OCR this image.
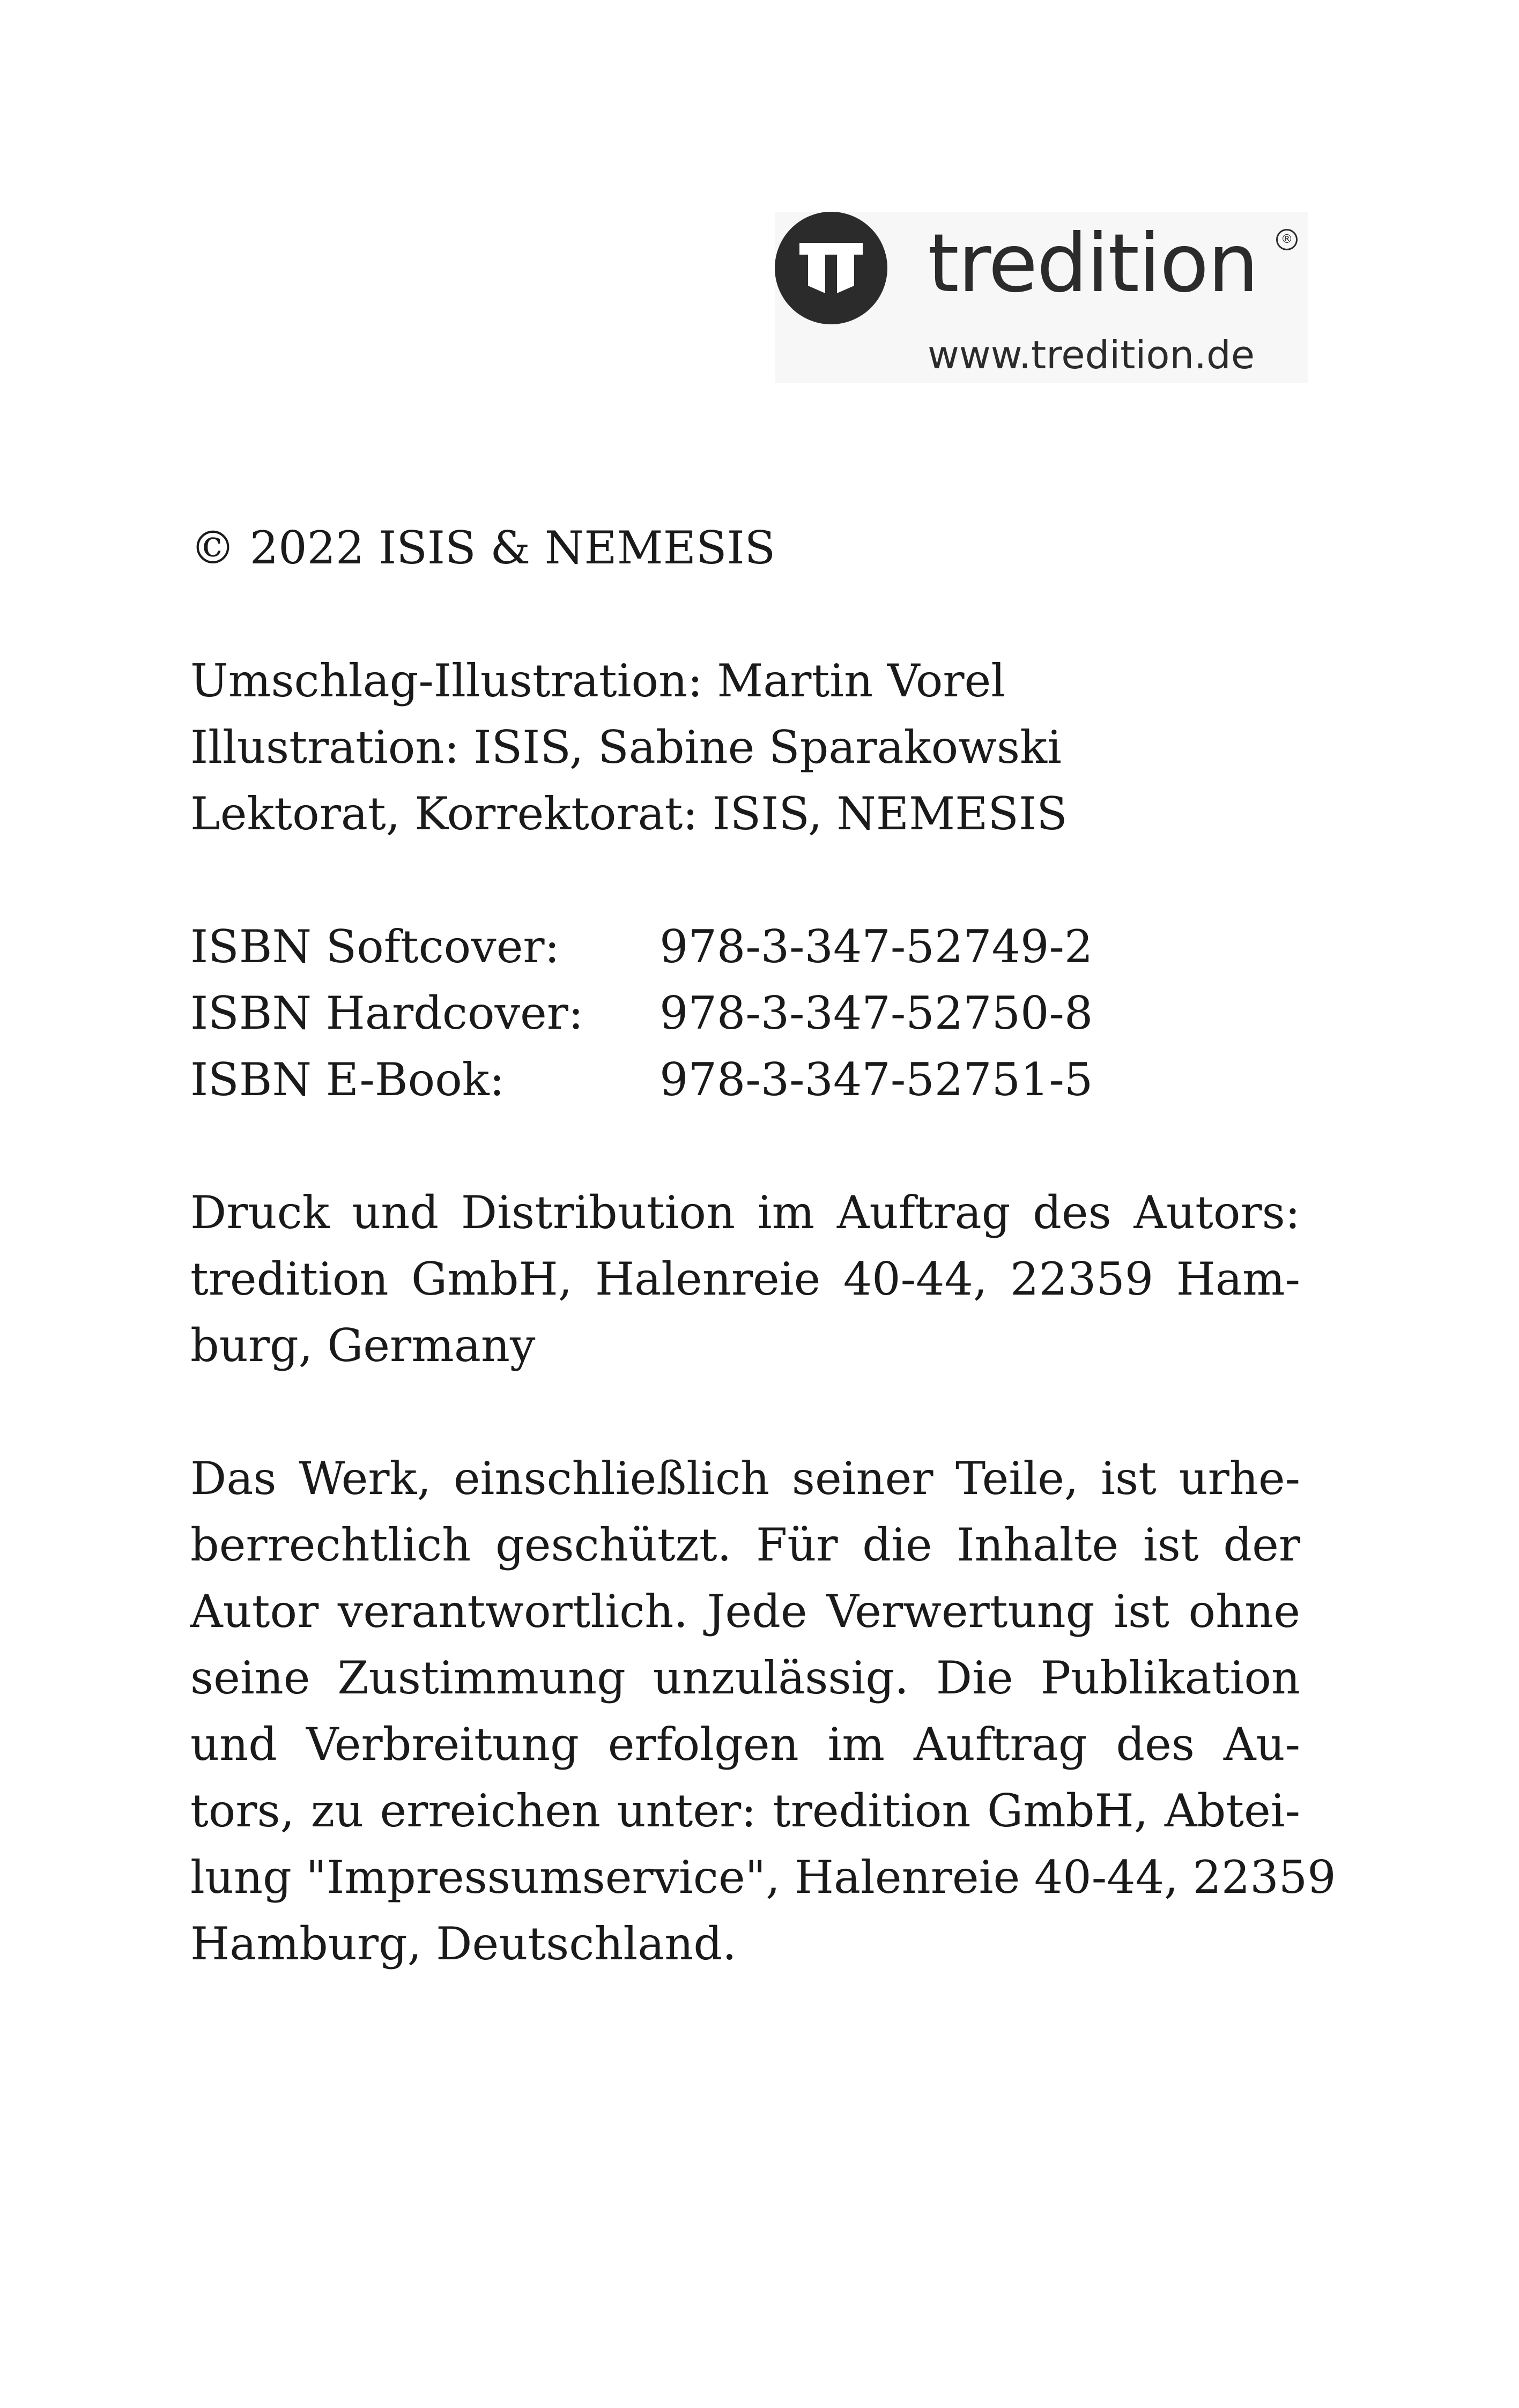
tredition	®
www.tredition.de

© 2022 ISIS & NEMESIS

Umschlag-Illustration: Martin Vorel
Illustration: ISIS, Sabine Sparakowski
Lektorat, Korrektorat: ISIS, NEMESIS

ISBN Softcover:	978-3-347-52749-2
ISBN Hardcover:	978-3-347-52750-8
ISBN E-Book:	978-3-347-52751-5

Druck und Distribution im Auftrag des Autors:
tredition GmbH, Halenreie 40-44, 22359 Ham-
burg, Germany

Das Werk, einschließlich seiner Teile, ist urhe-
berrechtlich geschützt. Für die Inhalte ist der
Autor verantwortlich. Jede Verwertung ist ohne
seine Zustimmung unzulässig. Die Publikation
und Verbreitung erfolgen im Auftrag des Au-
tors, zu erreichen unter: tredition GmbH, Abtei-
lung "Impressumservice", Halenreie 40-44, 22359
Hamburg, Deutschland.
